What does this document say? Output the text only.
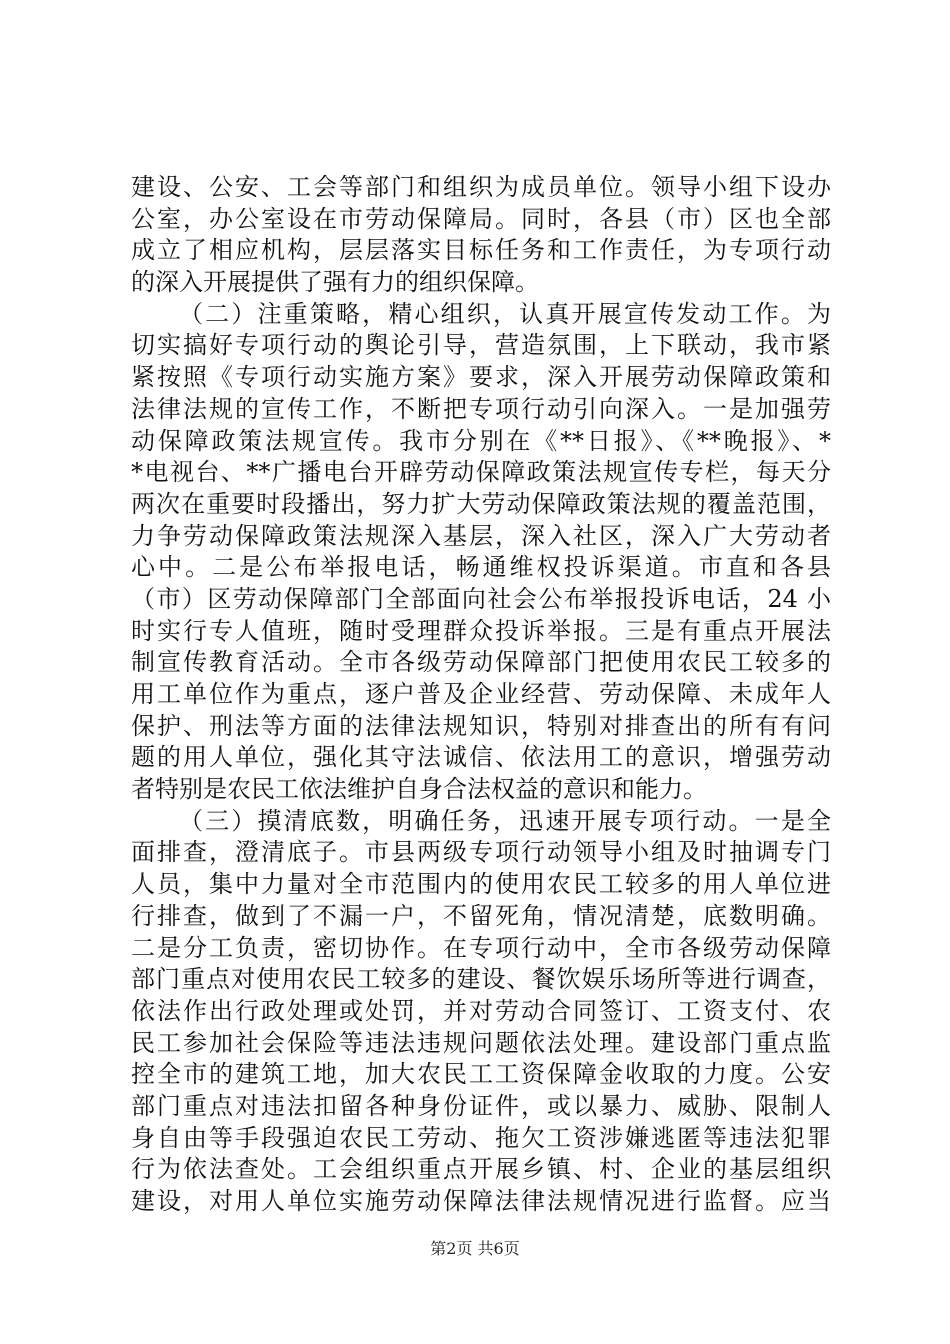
建设、公安、工会等部门和组织为成员单位。领导小组下设办
公室，办公室设在市劳动保障局。同时，各县（市）区也全部
成立了相应机构，层层落实目标任务和工作责任，为专项行动
的深入开展提供了强有力的组织保障。
（二）注重策略，精心组织，认真开展宣传发动工作。为
切实搞好专项行动的舆论引导，营造氛围，上下联动，我市紧
紧按照《专项行动实施方案》要求，深入开展劳动保障政策和
法律法规的宣传工作，不断把专项行动引向深入。一是加强劳
动保障政策法规宣传。我市分别在《**日报》、《**晚报》、*
*电视台、**广播电台开辟劳动保障政策法规宣传专栏，每天分
两次在重要时段播出，努力扩大劳动保障政策法规的覆盖范围，
力争劳动保障政策法规深入基层，深入社区，深入广大劳动者
心中。二是公布举报电话，畅通维权投诉渠道。市直和各县
（市）区劳动保障部门全部面向社会公布举报投诉电话，24 小
时实行专人值班，随时受理群众投诉举报。三是有重点开展法
制宣传教育活动。全市各级劳动保障部门把使用农民工较多的
用工单位作为重点，逐户普及企业经营、劳动保障、未成年人
保护、刑法等方面的法律法规知识，特别对排查出的所有有问
题的用人单位，强化其守法诚信、依法用工的意识，增强劳动
者特别是农民工依法维护自身合法权益的意识和能力。
（三）摸清底数，明确任务，迅速开展专项行动。一是全
面排查，澄清底子。市县两级专项行动领导小组及时抽调专门
人员，集中力量对全市范围内的使用农民工较多的用人单位进
行排查，做到了不漏一户，不留死角，情况清楚，底数明确。
二是分工负责，密切协作。在专项行动中，全市各级劳动保障
部门重点对使用农民工较多的建设、餐饮娱乐场所等进行调查，
依法作出行政处理或处罚，并对劳动合同签订、工资支付、农
民工参加社会保险等违法违规问题依法处理。建设部门重点监
控全市的建筑工地，加大农民工工资保障金收取的力度。公安
部门重点对违法扣留各种身份证件，或以暴力、威胁、限制人
身自由等手段强迫农民工劳动、拖欠工资涉嫌逃匿等违法犯罪
行为依法查处。工会组织重点开展乡镇、村、企业的基层组织
建设，对用人单位实施劳动保障法律法规情况进行监督。应当
第2页 共6页
